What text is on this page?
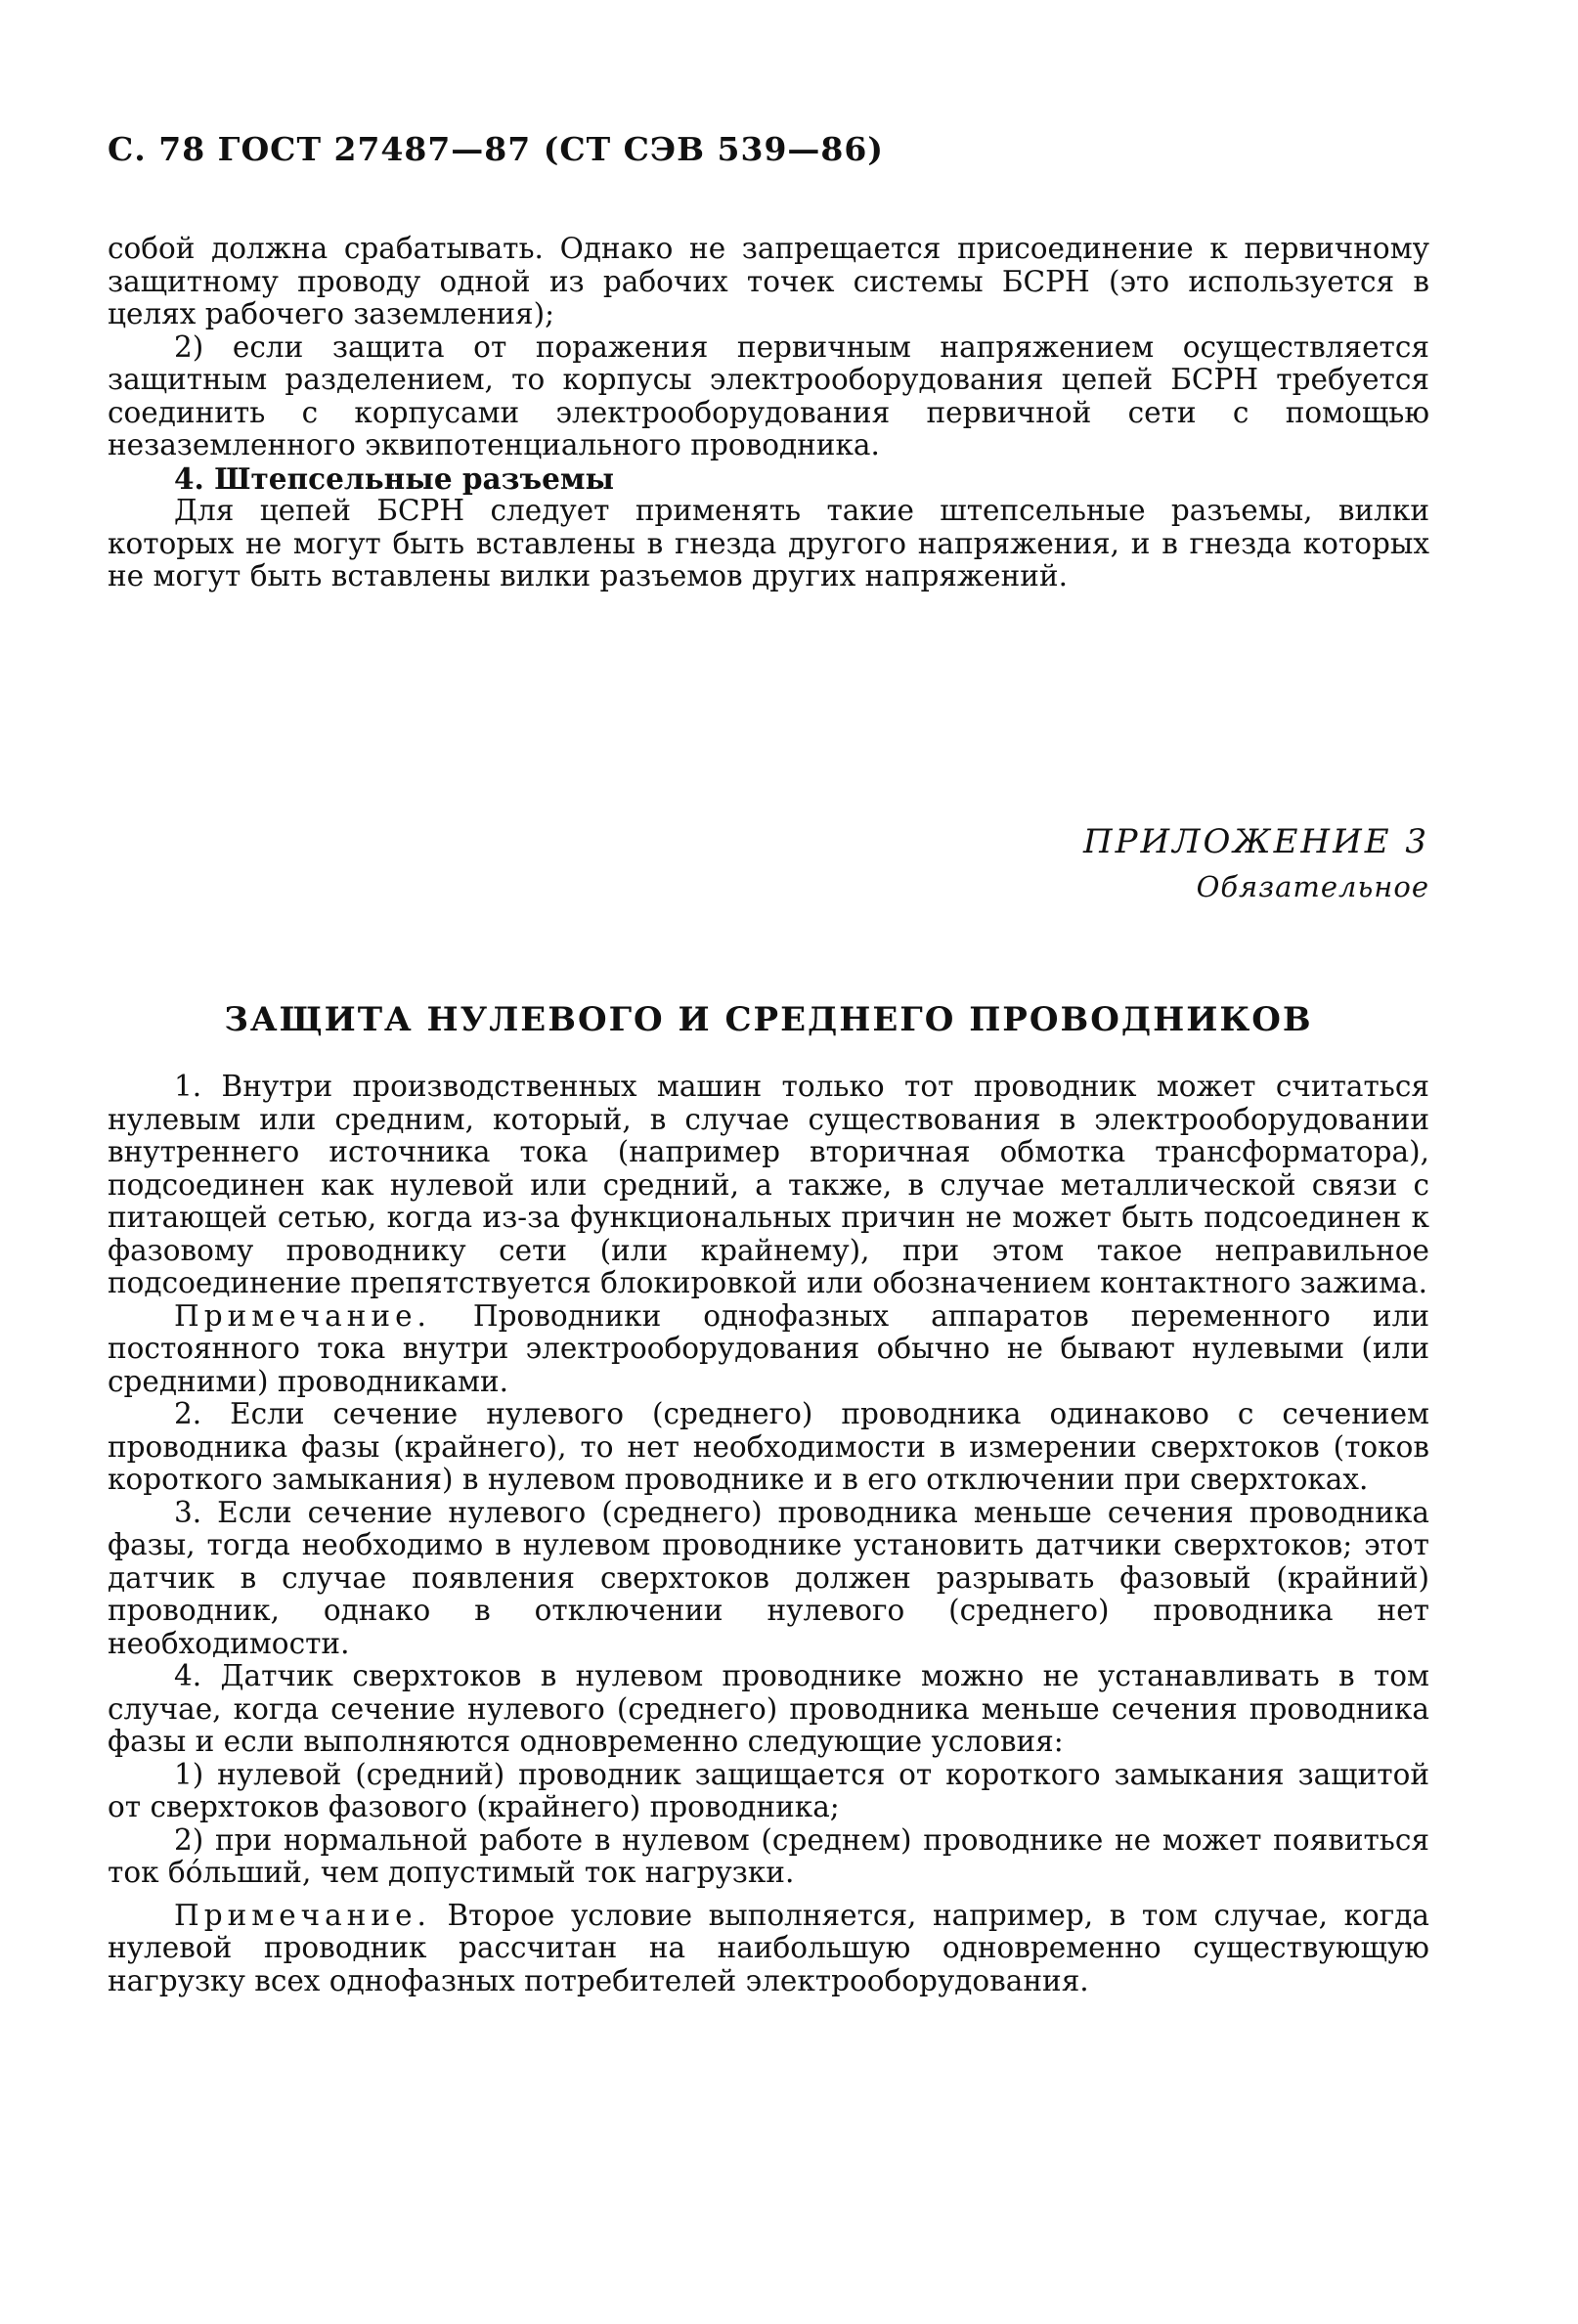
С. 78 ГОСТ 27487—87 (СТ СЭВ 539—86)

собой должна срабатывать. Однако не запрещается присоединение к первичному защитному проводу одной из рабочих точек системы БСРН (это используется в целях рабочего заземления);

2) если защита от поражения первичным напряжением осуществляется защитным разделением, то корпусы электрооборудования цепей БСРН требуется соединить с корпусами электрооборудования первичной сети с помощью незаземленного эквипотенциального проводника.

4. Штепсельные разъемы

Для цепей БСРН следует применять такие штепсельные разъемы, вилки которых не могут быть вставлены в гнезда другого напряжения, и в гнезда которых не могут быть вставлены вилки разъемов других напряжений.

ПРИЛОЖЕНИЕ 3
Обязательное
ЗАЩИТА НУЛЕВОГО И СРЕДНЕГО ПРОВОДНИКОВ

1. Внутри производственных машин только тот проводник может считаться нулевым или средним, который, в случае существования в электрооборудовании внутреннего источника тока (например вторичная обмотка трансформатора), подсоединен как нулевой или средний, а также, в случае металлической связи с питающей сетью, когда из-за функциональных причин не может быть подсоединен к фазовому проводнику сети (или крайнему), при этом такое неправильное подсоединение препятствуется блокировкой или обозначением контактного зажима.

Примечание. Проводники однофазных аппаратов переменного или постоянного тока внутри электрооборудования обычно не бывают нулевыми (или средними) проводниками.

2. Если сечение нулевого (среднего) проводника одинаково с сечением проводника фазы (крайнего), то нет необходимости в измерении сверхтоков (токов короткого замыкания) в нулевом проводнике и в его отключении при сверхтоках.

3. Если сечение нулевого (среднего) проводника меньше сечения проводника фазы, тогда необходимо в нулевом проводнике установить датчики сверхтоков; этот датчик в случае появления сверхтоков должен разрывать фазовый (крайний) проводник, однако в отключении нулевого (среднего) проводника нет необходимости.

4. Датчик сверхтоков в нулевом проводнике можно не устанавливать в том случае, когда сечение нулевого (среднего) проводника меньше сечения проводника фазы и если выполняются одновременно следующие условия:

1) нулевой (средний) проводник защищается от короткого замыкания защитой от сверхтоков фазового (крайнего) проводника;

2) при нормальной работе в нулевом (среднем) проводнике не может появиться ток бо́льший, чем допустимый ток нагрузки.

Примечание. Второе условие выполняется, например, в том случае, когда нулевой проводник рассчитан на наибольшую одновременно существующую нагрузку всех однофазных потребителей электрооборудования.
